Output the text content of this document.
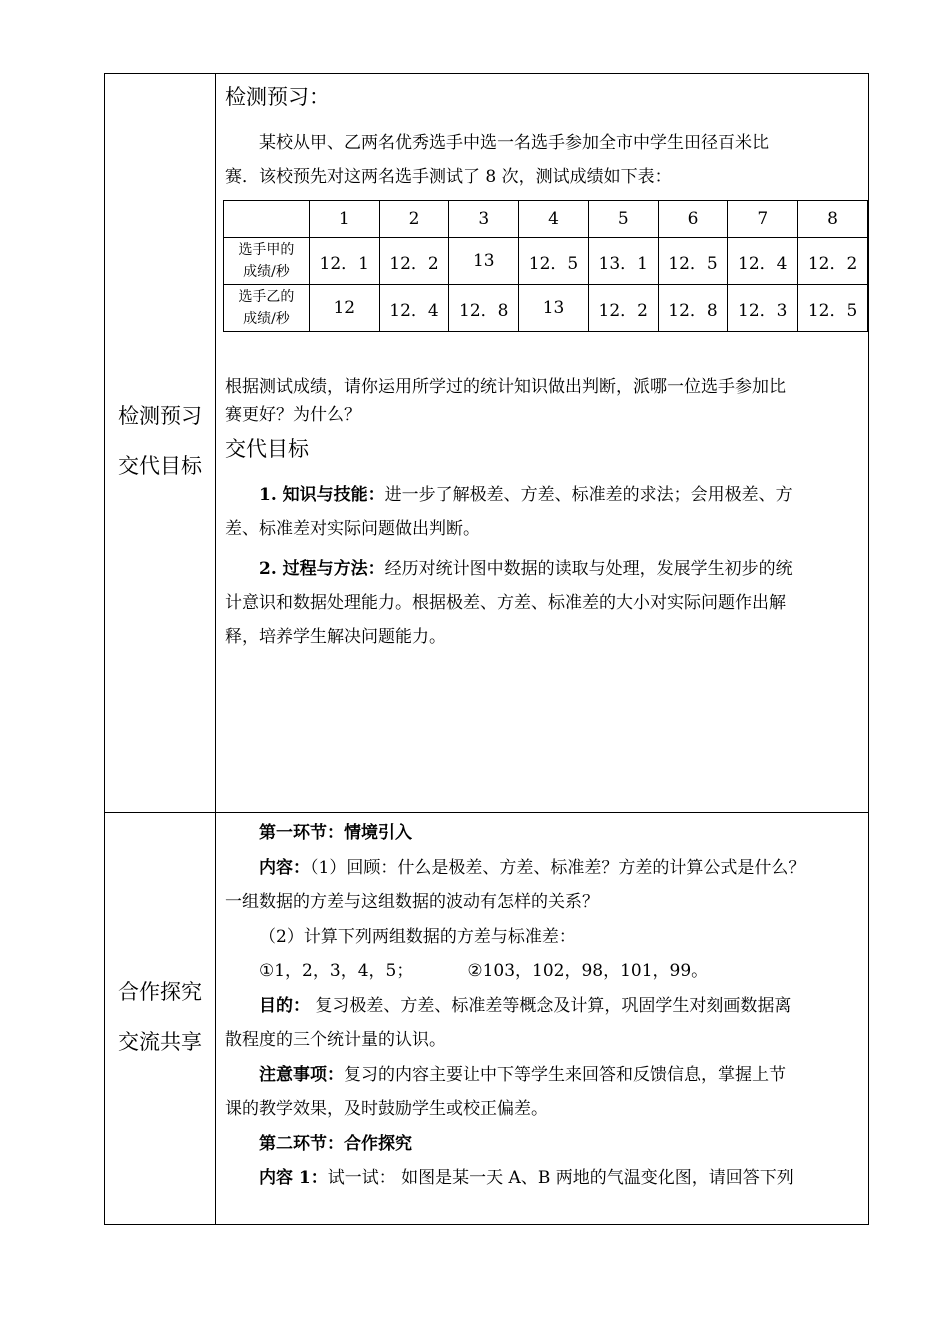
检测预习
交代目标
合作探究
交流共享

检测预习：

某校从甲、乙两名优秀选手中选一名选手参加全市中学生田径百米比

赛．该校预先对这两名选手测试了 8 次，测试成绩如下表：

	1	2	3	4	5	6	7	8
选手甲的
成绩/秒	12．1	12．2	13	12．5	13．1	12．5	12．4	12．2
选手乙的
成绩/秒	12	12．4	12．8	13	12．2	12．8	12．3	12．5

根据测试成绩，请你运用所学过的统计知识做出判断，派哪一位选手参加比

赛更好？为什么？

交代目标

1. 知识与技能：进一步了解极差、方差、标准差的求法；会用极差、方

差、标准差对实际问题做出判断。

2. 过程与方法：经历对统计图中数据的读取与处理，发展学生初步的统

计意识和数据处理能力。根据极差、方差、标准差的大小对实际问题作出解

释，培养学生解决问题能力。

第一环节：情境引入

内容：（1）回顾：什么是极差、方差、标准差？方差的计算公式是什么？

一组数据的方差与这组数据的波动有怎样的关系？

（2）计算下列两组数据的方差与标准差：

①1，2，3，4，5；	②103，102，98，101，99。

目的： 复习极差、方差、标准差等概念及计算，巩固学生对刻画数据离

散程度的三个统计量的认识。

注意事项：复习的内容主要让中下等学生来回答和反馈信息，掌握上节

课的教学效果，及时鼓励学生或校正偏差。

第二环节：合作探究

内容 1：试一试： 如图是某一天 A、B 两地的气温变化图，请回答下列
